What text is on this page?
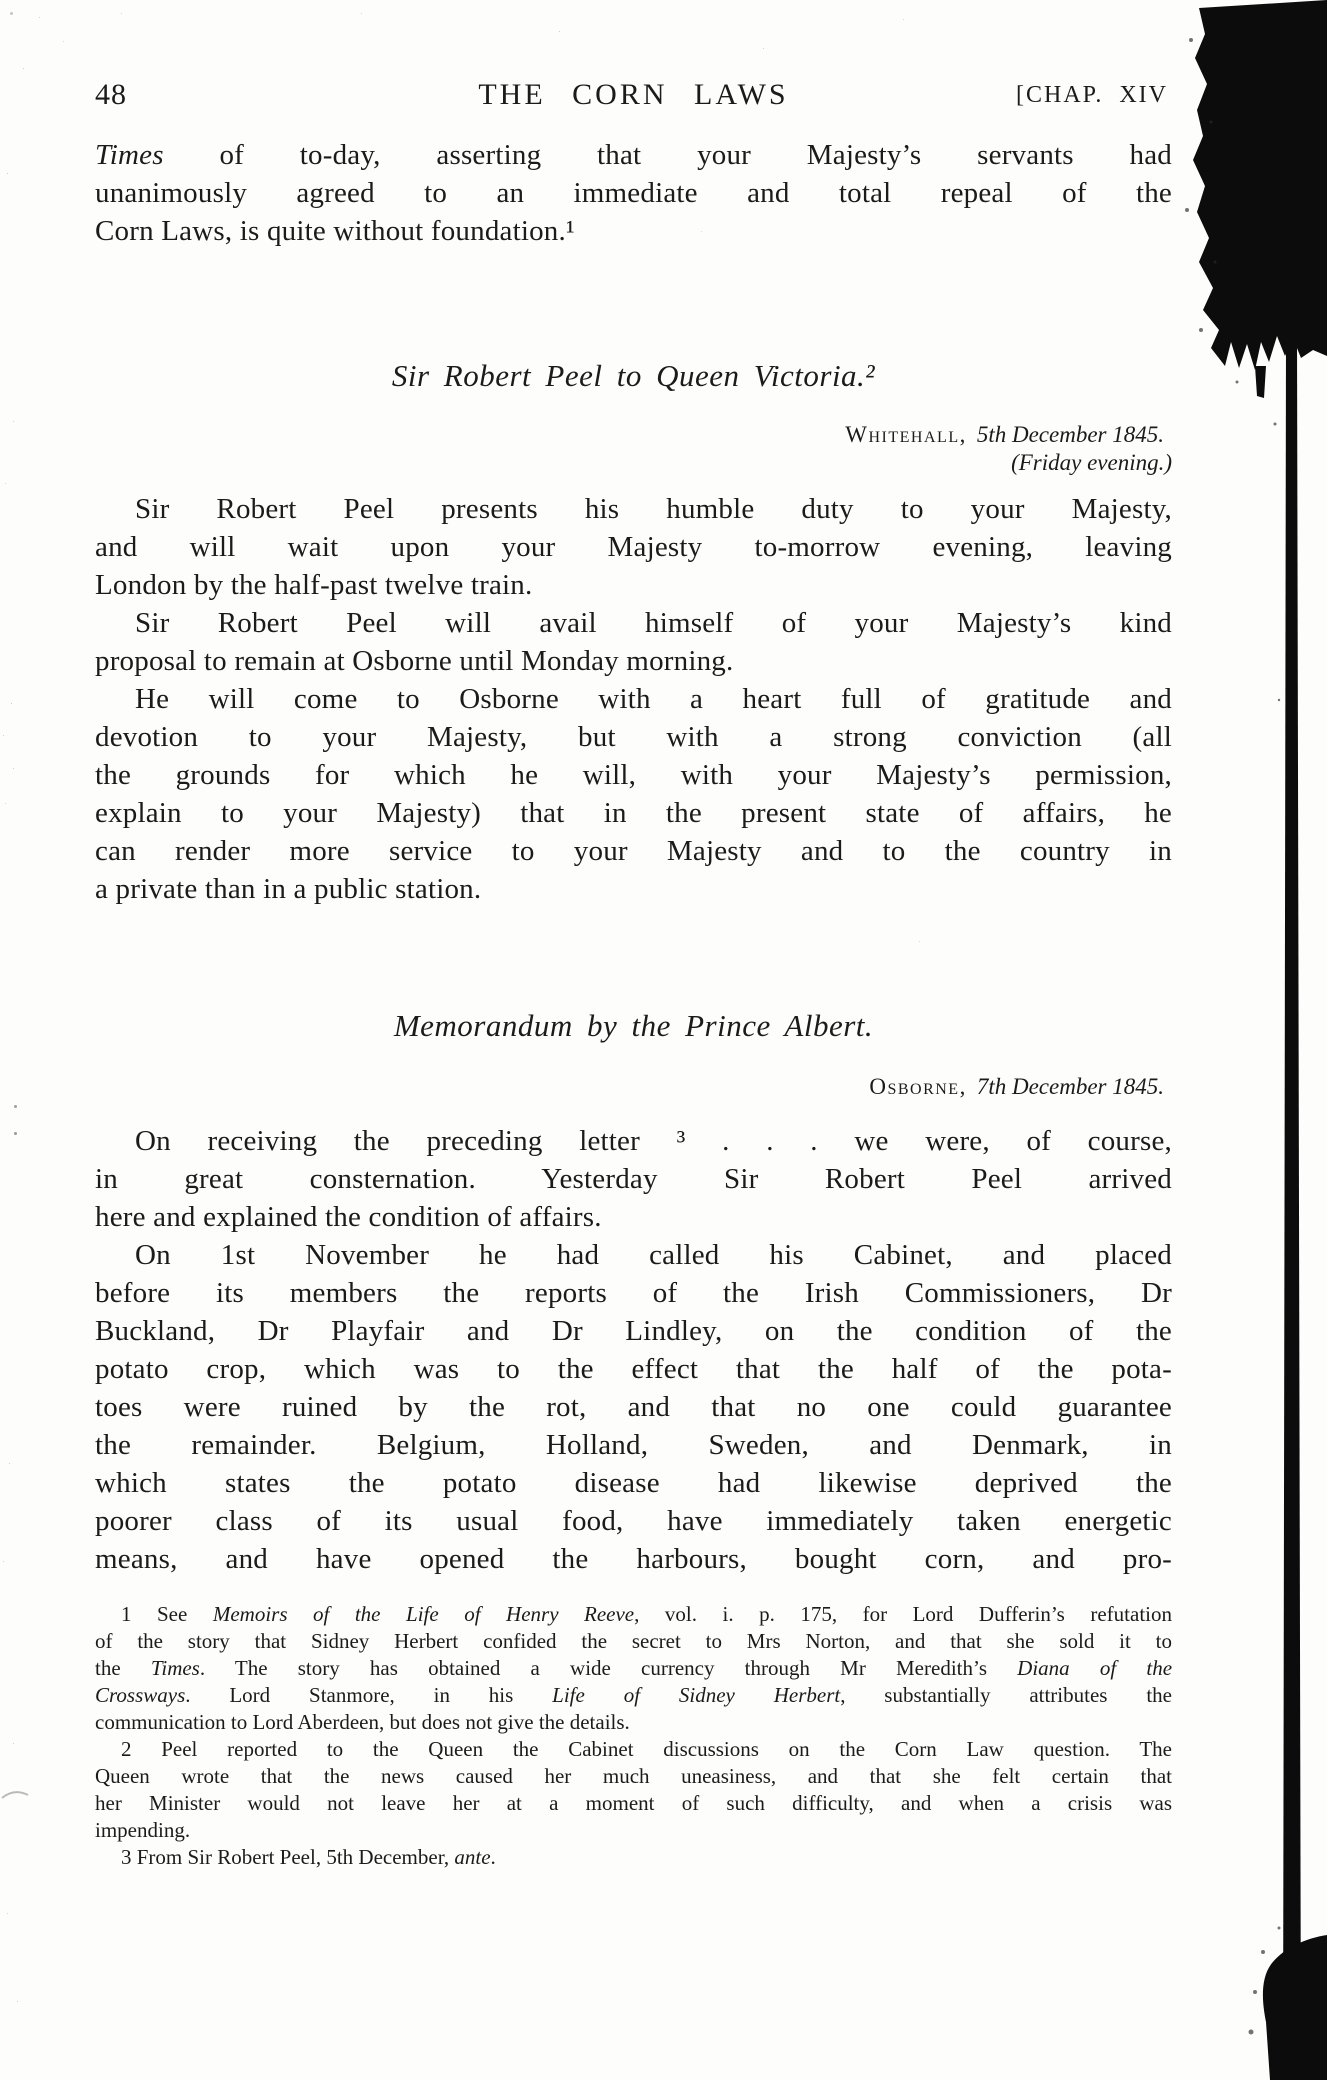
48	THE CORN LAWS	[CHAP. XIV
Times of to-day, asserting that your Majesty’s servants had
unanimously agreed to an immediate and total repeal of the
Corn Laws, is quite without foundation.¹
Sir Robert Peel to Queen Victoria.²
Whitehall, 5th December 1845.
(Friday evening.)
Sir Robert Peel presents his humble duty to your Majesty,
and will wait upon your Majesty to-morrow evening, leaving
London by the half-past twelve train.
Sir Robert Peel will avail himself of your Majesty’s kind
proposal to remain at Osborne until Monday morning.
He will come to Osborne with a heart full of gratitude and
devotion to your Majesty, but with a strong conviction (all
the grounds for which he will, with your Majesty’s permission,
explain to your Majesty) that in the present state of affairs, he
can render more service to your Majesty and to the country in
a private than in a public station.
Memorandum by the Prince Albert.
Osborne, 7th December 1845.
On receiving the preceding letter ³ . . . we were, of course,
in great consternation. Yesterday Sir Robert Peel arrived
here and explained the condition of affairs.
On 1st November he had called his Cabinet, and placed
before its members the reports of the Irish Commissioners, Dr
Buckland, Dr Playfair and Dr Lindley, on the condition of the
potato crop, which was to the effect that the half of the pota-
toes were ruined by the rot, and that no one could guarantee
the remainder. Belgium, Holland, Sweden, and Denmark, in
which states the potato disease had likewise deprived the
poorer class of its usual food, have immediately taken energetic
means, and have opened the harbours, bought corn, and pro-
1 See Memoirs of the Life of Henry Reeve, vol. i. p. 175, for Lord Dufferin’s refutation
of the story that Sidney Herbert confided the secret to Mrs Norton, and that she sold it to
the Times. The story has obtained a wide currency through Mr Meredith’s Diana of the
Crossways. Lord Stanmore, in his Life of Sidney Herbert, substantially attributes the
communication to Lord Aberdeen, but does not give the details.
2 Peel reported to the Queen the Cabinet discussions on the Corn Law question. The
Queen wrote that the news caused her much uneasiness, and that she felt certain that
her Minister would not leave her at a moment of such difficulty, and when a crisis was
impending.
3 From Sir Robert Peel, 5th December, ante.
